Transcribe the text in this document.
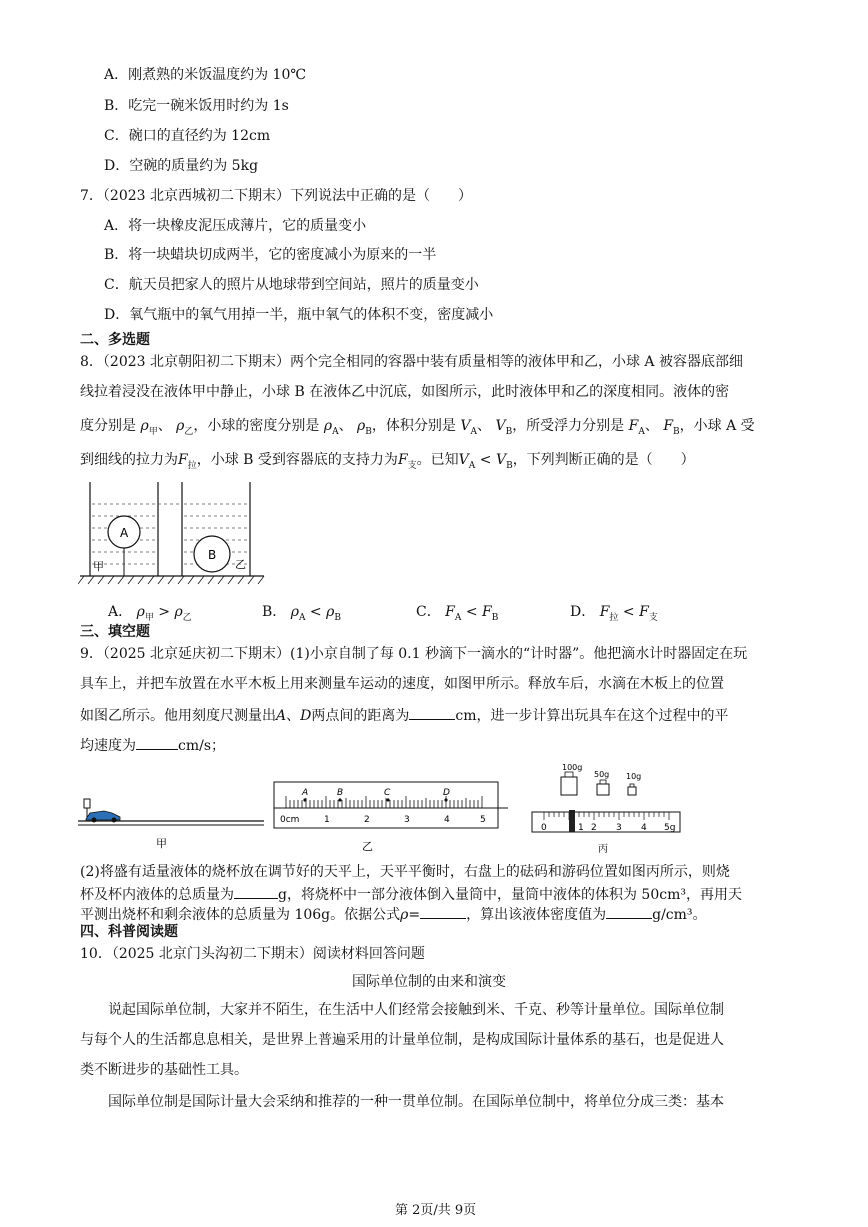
A．刚煮熟的米饭温度约为 10℃
B．吃完一碗米饭用时约为 1s
C．碗口的直径约为 12cm
D．空碗的质量约为 5kg
7．（2023 北京西城初二下期末）下列说法中正确的是（　　）
A．将一块橡皮泥压成薄片，它的质量变小
B．将一块蜡块切成两半，它的密度减小为原来的一半
C．航天员把家人的照片从地球带到空间站，照片的质量变小
D．氧气瓶中的氧气用掉一半，瓶中氧气的体积不变，密度减小
二、多选题
8．（2023 北京朝阳初二下期末）两个完全相同的容器中装有质量相等的液体甲和乙，小球 A 被容器底部细
线拉着浸没在液体甲中静止，小球 B 在液体乙中沉底，如图所示，此时液体甲和乙的深度相同。液体的密
度分别是 $\rho_甲$、 $\rho_乙$，小球的密度分别是 $\rho_A$、 $\rho_B$，体积分别是 $V_A$、 $V_B$，所受浮力分别是 $F_A$、 $F_B$，小球 A 受
到细线的拉力为$F_拉$，小球 B 受到容器底的支持力为$F_支$。已知$V_A < V_B$，下列判断正确的是（　　）
A
甲
B
乙
A． $\rho_甲 > \rho_乙$	B． $\rho_A < \rho_B$	C． $F_A < F_B$	D． $F_拉 < F_支$
三、填空题
9．（2025 北京延庆初二下期末）(1)小京自制了每 0.1 秒滴下一滴水的“计时器”。他把滴水计时器固定在玩
具车上，并把车放置在水平木板上用来测量车运动的速度，如图甲所示。释放车后，水滴在木板上的位置
如图乙所示。他用刻度尺测量出A、D两点间的距离为	cm，进一步计算出玩具车在这个过程中的平
均速度为	cm/s；
甲
A	B	C	D
0cm	1	2	3	4	5
乙
100g
50g 10g
0	2 3 4 5g
1
丙
(2)将盛有适量液体的烧杯放在调节好的天平上，天平平衡时，右盘上的砝码和游码位置如图丙所示，则烧
杯及杯内液体的总质量为	g，将烧杯中一部分液体倒入量筒中，量筒中液体的体积为 50cm³，再用天
平测出烧杯和剩余液体的总质量为 106g。依据公式ρ=	，算出该液体密度值为	g/cm³。
四、科普阅读题
10．（2025 北京门头沟初二下期末）阅读材料回答问题
国际单位制的由来和演变
说起国际单位制，大家并不陌生，在生活中人们经常会接触到米、千克、秒等计量单位。国际单位制
与每个人的生活都息息相关，是世界上普遍采用的计量单位制，是构成国际计量体系的基石，也是促进人
类不断进步的基础性工具。
国际单位制是国际计量大会采纳和推荐的一种一贯单位制。在国际单位制中，将单位分成三类：基本
第 2页/共 9页
